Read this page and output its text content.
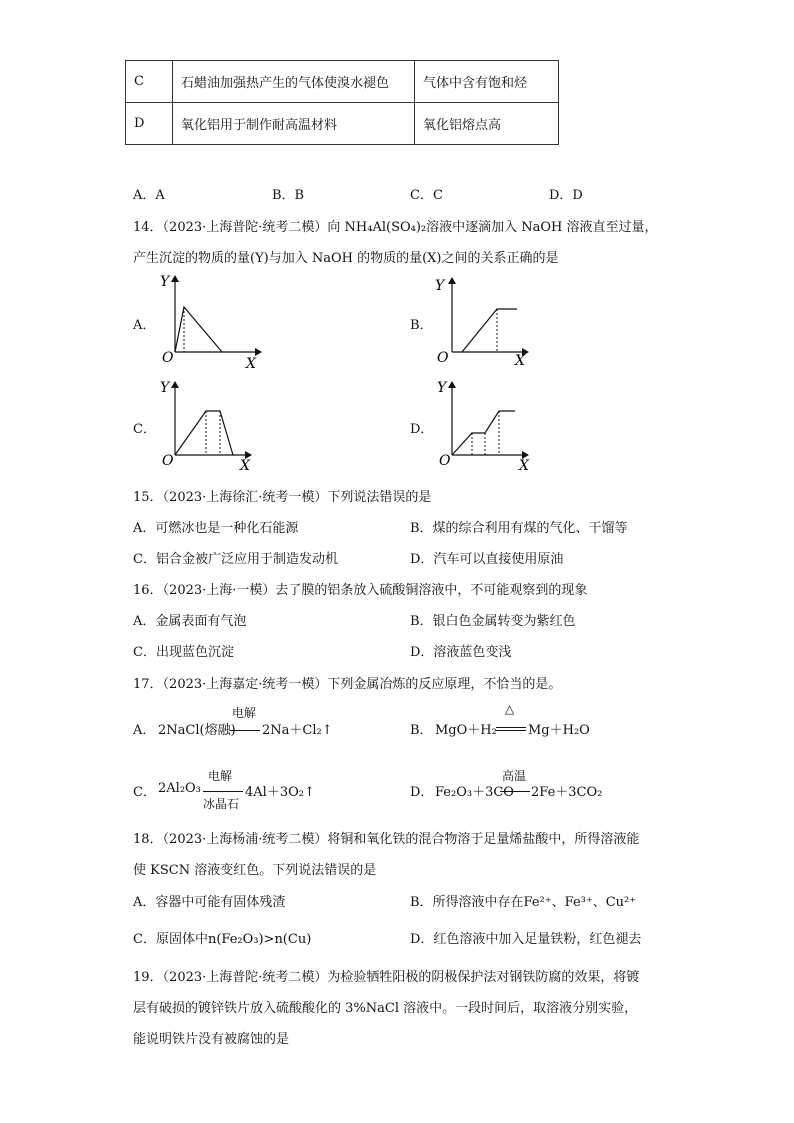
C	石蜡油加强热产生的气体使溴水褪色	气体中含有饱和烃
D	氧化铝用于制作耐高温材料	氧化铝熔点高
A．A	B．B	C．C	D．D
14．（2023·上海普陀·统考二模）向 NH₄Al(SO₄)₂溶液中逐滴加入 NaOH 溶液直至过量，
产生沉淀的物质的量(Y)与加入 NaOH 的物质的量(X)之间的关系正确的是
A．	B．
C．	D．
Y
O	X
Y
O	X
Y
O	X
Y
O	X
15．（2023·上海徐汇·统考一模）下列说法错误的是
A．可燃冰也是一种化石能源	B．煤的综合利用有煤的气化、干馏等
C．铝合金被广泛应用于制造发动机	D．汽车可以直接使用原油
16．（2023·上海·一模）去了膜的铝条放入硫酸铜溶液中，不可能观察到的现象
A．金属表面有气泡	B．银白色金属转变为紫红色
C．出现蓝色沉淀	D．溶液蓝色变浅
17．（2023·上海嘉定·统考一模）下列金属冶炼的反应原理，不恰当的是。
A． 2NaCl(熔融)
电解
2Na＋Cl₂↑	B． MgO＋H₂
△
Mg＋H₂O
C． 2Al₂O₃
电解
冰晶石
4Al＋3O₂↑	D． Fe₂O₃＋3CO
高温
2Fe＋3CO₂
18．（2023·上海杨浦·统考二模）将铜和氧化铁的混合物溶于足量烯盐酸中，所得溶液能
使 KSCN 溶液变红色。下列说法错误的是
A．容器中可能有固体残渣	B．所得溶液中存在Fe²⁺、Fe³⁺、Cu²⁺
C．原固体中n(Fe₂O₃)>n(Cu)	D．红色溶液中加入足量铁粉，红色褪去
19．（2023·上海普陀·统考二模）为检验牺牲阳极的阴极保护法对钢铁防腐的效果，将镀
层有破损的镀锌铁片放入硫酸酸化的 3%NaCl 溶液中。一段时间后，取溶液分别实验，
能说明铁片没有被腐蚀的是
